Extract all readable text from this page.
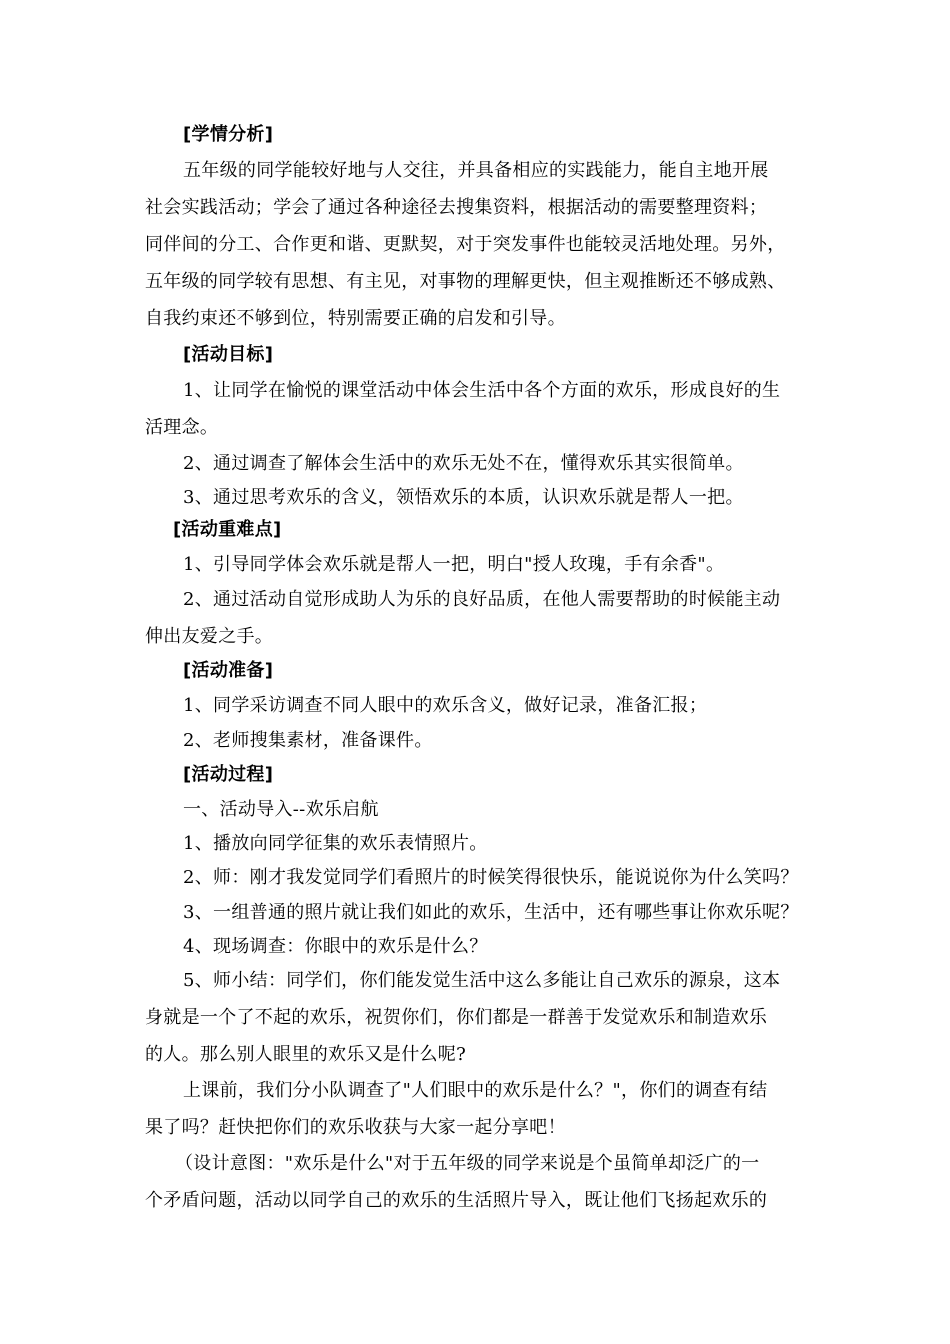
[学情分析]
五年级的同学能较好地与人交往，并具备相应的实践能力，能自主地开展
社会实践活动；学会了通过各种途径去搜集资料，根据活动的需要整理资料；
同伴间的分工、合作更和谐、更默契，对于突发事件也能较灵活地处理。另外，
五年级的同学较有思想、有主见，对事物的理解更快，但主观推断还不够成熟、
自我约束还不够到位，特别需要正确的启发和引导。
[活动目标]
1、让同学在愉悦的课堂活动中体会生活中各个方面的欢乐，形成良好的生
活理念。
2、通过调查了解体会生活中的欢乐无处不在，懂得欢乐其实很简单。
3、通过思考欢乐的含义，领悟欢乐的本质，认识欢乐就是帮人一把。
[活动重难点]
1、引导同学体会欢乐就是帮人一把，明白"授人玫瑰，手有余香"。
2、通过活动自觉形成助人为乐的良好品质，在他人需要帮助的时候能主动
伸出友爱之手。
[活动准备]
1、同学采访调查不同人眼中的欢乐含义，做好记录，准备汇报；
2、老师搜集素材，准备课件。
[活动过程]
一、活动导入--欢乐启航
1、播放向同学征集的欢乐表情照片。
2、师：刚才我发觉同学们看照片的时候笑得很快乐，能说说你为什么笑吗？
3、一组普通的照片就让我们如此的欢乐，生活中，还有哪些事让你欢乐呢？
4、现场调查：你眼中的欢乐是什么？
5、师小结：同学们，你们能发觉生活中这么多能让自己欢乐的源泉，这本
身就是一个了不起的欢乐，祝贺你们，你们都是一群善于发觉欢乐和制造欢乐
的人。那么别人眼里的欢乐又是什么呢?
上课前，我们分小队调查了"人们眼中的欢乐是什么？"，你们的调查有结
果了吗？赶快把你们的欢乐收获与大家一起分享吧！
（设计意图："欢乐是什么"对于五年级的同学来说是个虽简单却泛广的一
个矛盾问题，活动以同学自己的欢乐的生活照片导入，既让他们飞扬起欢乐的
